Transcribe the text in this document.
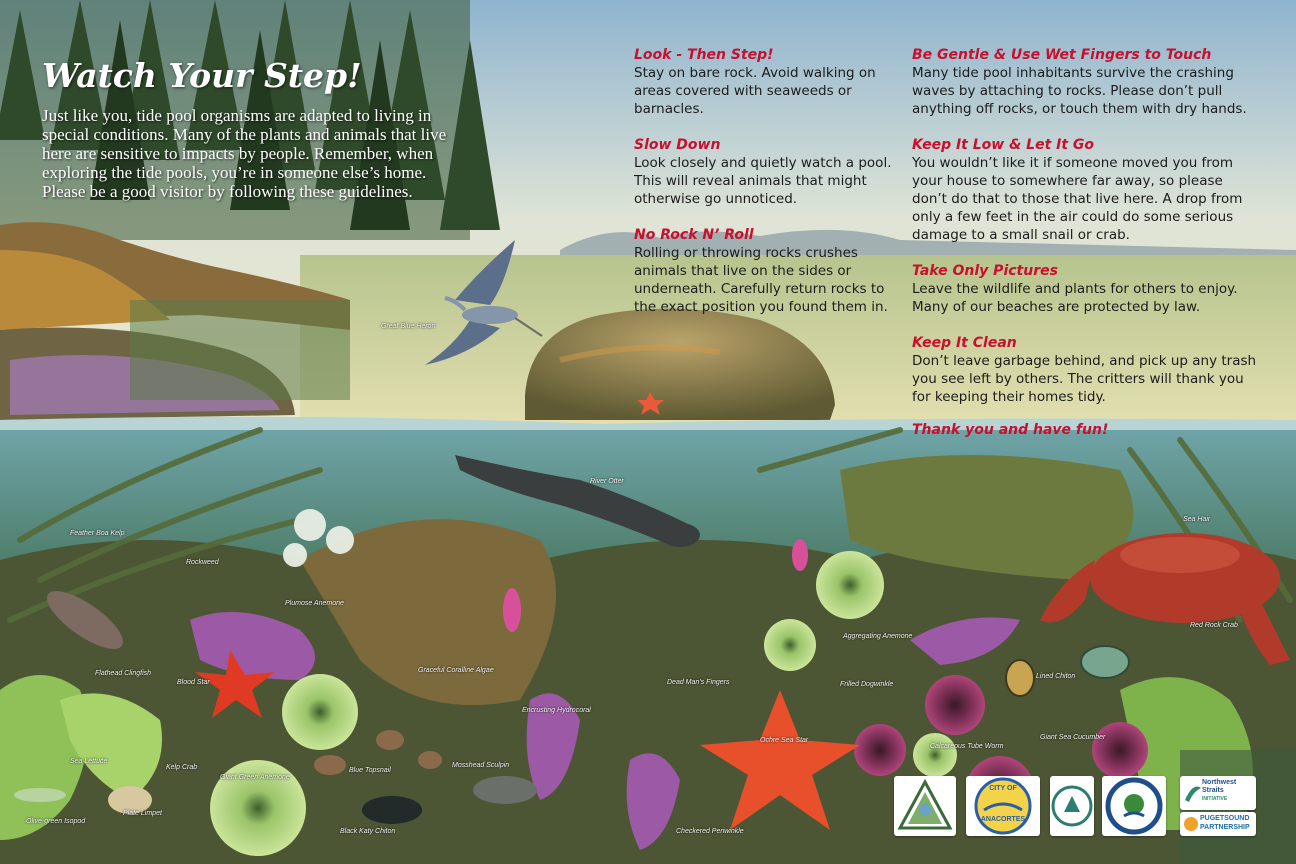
Watch Your Step!

Just like you, tide pool organisms are adapted to living in special conditions. Many of the plants and animals that live here are sensitive to impacts by people. Remember, when exploring the tide pools, you’re in someone else’s home. Please be a good visitor by following these guidelines.

Look - Then Step!
Stay on bare rock. Avoid walking on areas covered with seaweeds or barnacles.
Slow Down
Look closely and quietly watch a pool. This will reveal animals that might otherwise go unnoticed.
No Rock N’ Roll
Rolling or throwing rocks crushes animals that live on the sides or underneath. Carefully return rocks to the exact position you found them in.
Be Gentle & Use Wet Fingers to Touch
Many tide pool inhabitants survive the crashing waves by attaching to rocks. Please don’t pull anything off rocks, or touch them with dry hands.
Keep It Low & Let It Go
You wouldn’t like it if someone moved you from your house to somewhere far away, so please don’t do that to those that live here. A drop from only a few feet in the air could do some serious damage to a small snail or crab.
Take Only Pictures
Leave the wildlife and plants for others to enjoy. Many of our beaches are protected by law.
Keep It Clean
Don’t leave garbage behind, and pick up any trash you see left by others. The critters will thank you for keeping their homes tidy.
Thank you and have fun!
Great Blue Heron
River Otter
Sea Hair
Feather Boa Kelp
Rockweed
Plumose Anemone
Flathead Clingfish
Blood Star
Graceful Coralline Algae
Encrusting Hydrocoral
Dead Man’s Fingers
Aggregating Anemone
Frilled Dogwinkle
Red Rock Crab
Lined Chiton
Sea Lettuce
Kelp Crab
Giant Green Anemone
Blue Topsnail
Mosshead Sculpin
Ochre Sea Star
Calcareous Tube Worm
Giant Sea Cucumber
Olive-green Isopod
Plate Limpet
Black Katy Chiton	Checkered Periwinkle
CITY OF
ANACORTES
Northwest
Straits
INITIATIVE
PUGETSOUND
PARTNERSHIP
